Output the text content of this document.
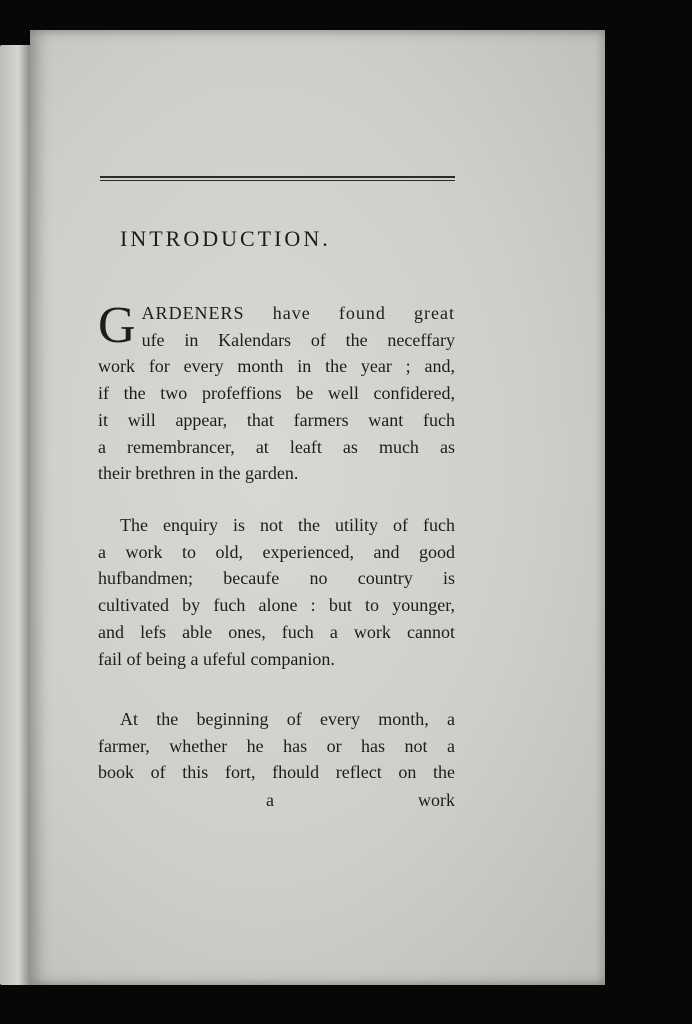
INTRODUCTION.
G ARDENERS have found great
ufe in Kalendars of the neceffary
work for every month in the year ; and,
if the two profeffions be well confidered,
it will appear, that farmers want fuch
a remembrancer, at leaft as much as
their brethren in the garden.
The enquiry is not the utility of fuch
a work to old, experienced, and good
hufbandmen; becaufe no country is
cultivated by fuch alone : but to younger,
and lefs able ones, fuch a work cannot
fail of being a ufeful companion.
At the beginning of every month, a
farmer, whether he has or has not a
book of this fort, fhould reflect on the
a	work
